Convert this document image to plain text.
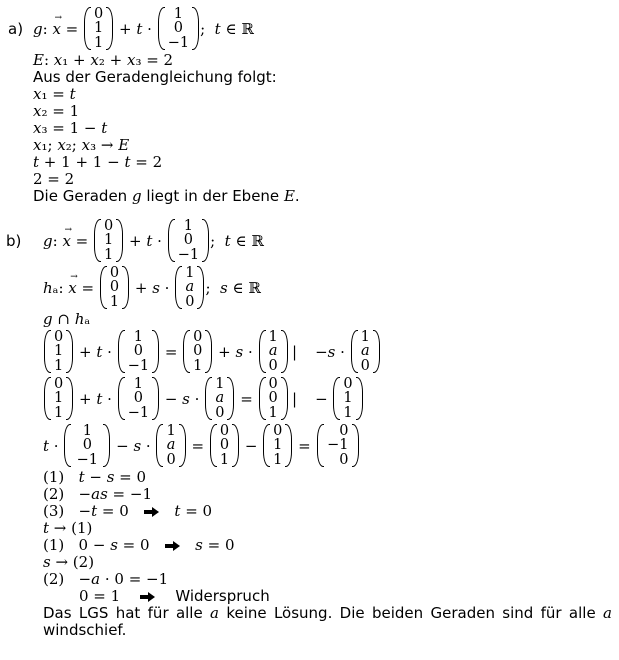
a) g: x → =
0
1
1
+ t ·
1
0
−1
;  t ∈ ℝ
E: x₁ + x₂ + x₃ = 2
Aus der Geradengleichung folgt:
x₁ = t
x₂ = 1
x₃ = 1 − t
x₁; x₂; x₃ → E
t + 1 + 1 − t = 2
2 = 2
Die Geraden g liegt in der Ebene E.
b) g: x → =
0
1
1
+ t ·
1
0
−1
;  t ∈ ℝ
hₐ: x → =
0
0
1
+ s ·
1
a
0
;  s ∈ ℝ
g ∩ hₐ
0
1
1
+ t ·
1
0
−1
=
0
0
1
+ s ·
1
a
0
| −s ·
1
a
0
0
1
1
+ t ·
1
0
−1
− s ·
1
a
0
=
0
0
1
| −
0
1
1
t ·
1
0
−1
− s ·
1
a
0
=
0
0
1
−
0
1
1
=
0
−1
0
(1)   t − s = 0
(2)   −as = −1
(3)   −t = 0      t = 0
t → (1)
(1)   0 − s = 0      s = 0
s → (2)
(2)   −a · 0 = −1
0 = 1        Widerspruch
Das LGS hat für alle a keine Lösung. Die beiden Geraden sind für alle a
windschief.
